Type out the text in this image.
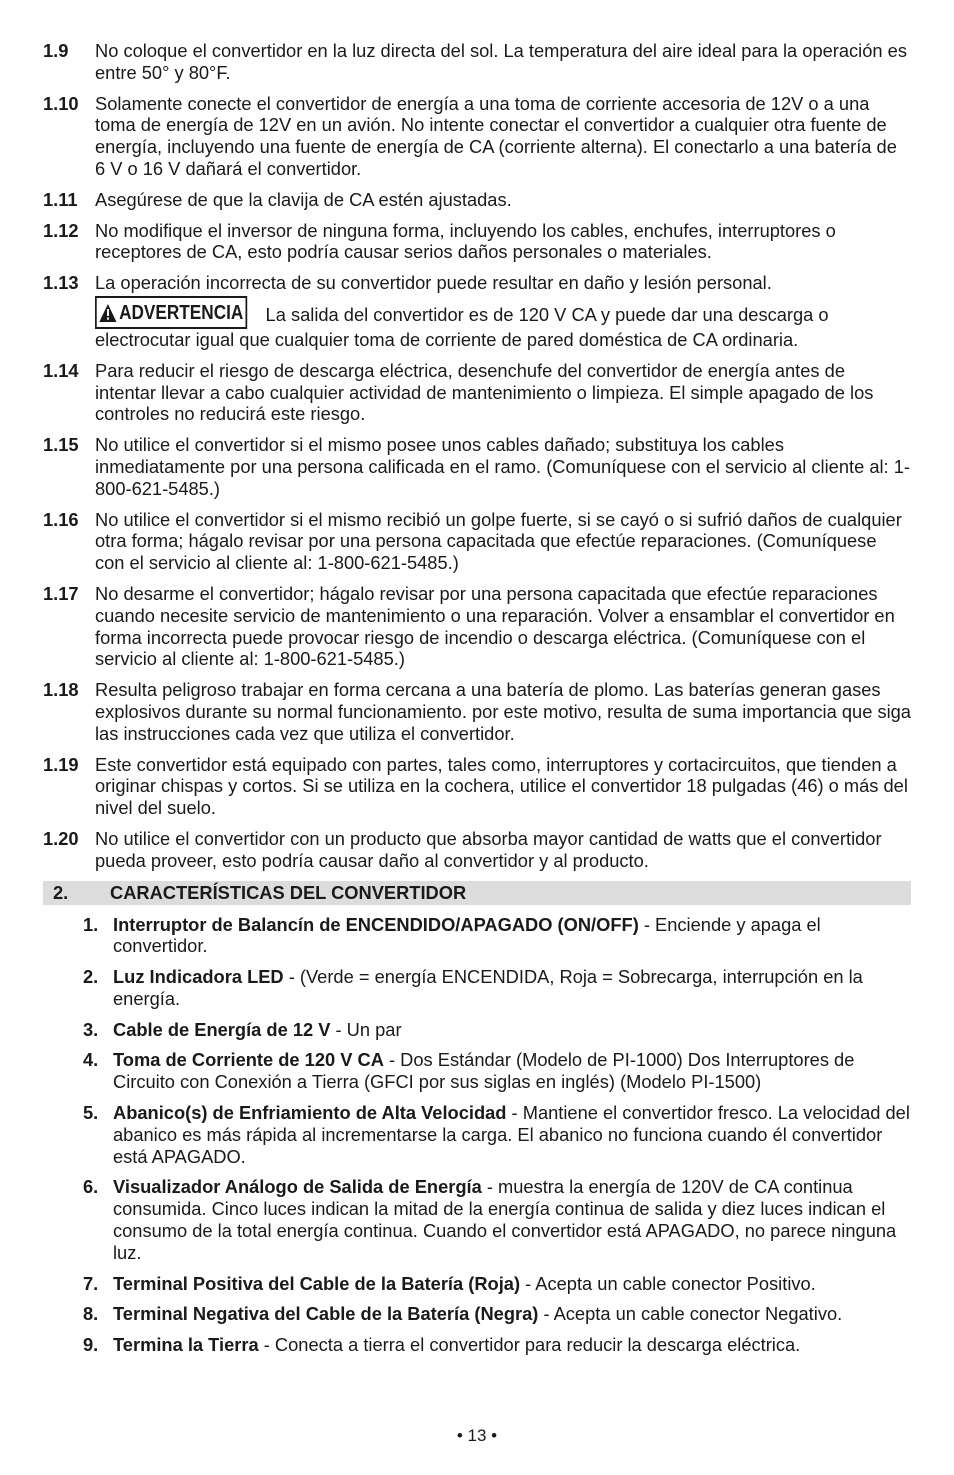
1.9	No coloque el convertidor en la luz directa del sol. La temperatura del aire ideal para la operación es entre 50° y 80°F.
1.10 Solamente conecte el convertidor de energía a una toma de corriente accesoria de 12V o a una toma de energía de 12V en un avión. No intente conectar el convertidor a cualquier otra fuente de energía, incluyendo una fuente de energía de CA (corriente alterna). El conectarlo a una batería de 6 V o 16 V dañará el convertidor.
1.11 Asegúrese de que la clavija de CA estén ajustadas.
1.12 No modifique el inversor de ninguna forma, incluyendo los cables, enchufes, interruptores o receptores de CA, esto podría causar serios daños personales o materiales.
1.13 La operación incorrecta de su convertidor puede resultar en daño y lesión personal.
ADVERTENCIA La salida del convertidor es de 120 V CA y puede dar una descarga o electrocutar igual que cualquier toma de corriente de pared doméstica de CA ordinaria.
1.14 Para reducir el riesgo de descarga eléctrica, desenchufe del convertidor de energía antes de intentar llevar a cabo cualquier actividad de mantenimiento o limpieza. El simple apagado de los controles no reducirá este riesgo.
1.15 No utilice el convertidor si el mismo posee unos cables dañado; substituya los cables inmediatamente por una persona calificada en el ramo. (Comuníquese con el servicio al cliente al: 1-800-621-5485.)
1.16 No utilice el convertidor si el mismo recibió un golpe fuerte, si se cayó o si sufrió daños de cualquier otra forma; hágalo revisar por una persona capacitada que efectúe reparaciones. (Comuníquese con el servicio al cliente al: 1-800-621-5485.)
1.17 No desarme el convertidor; hágalo revisar por una persona capacitada que efectúe reparaciones cuando necesite servicio de mantenimiento o una reparación. Volver a ensamblar el convertidor en forma incorrecta puede provocar riesgo de incendio o descarga eléctrica. (Comuníquese con el servicio al cliente al: 1-800-621-5485.)
1.18 Resulta peligroso trabajar en forma cercana a una batería de plomo. Las baterías generan gases explosivos durante su normal funcionamiento. por este motivo, resulta de suma importancia que siga las instrucciones cada vez que utiliza el convertidor.
1.19 Este convertidor está equipado con partes, tales como, interruptores y cortacircuitos, que tienden a originar chispas y cortos. Si se utiliza en la cochera, utilice el convertidor 18 pulgadas (46) o más del nivel del suelo.
1.20 No utilice el convertidor con un producto que absorba mayor cantidad de watts que el convertidor pueda proveer, esto podría causar daño al convertidor y al producto.
2.	CARACTERÍSTICAS DEL CONVERTIDOR
1. Interruptor de Balancín de ENCENDIDO/APAGADO (ON/OFF) - Enciende y apaga el convertidor.
2. Luz Indicadora LED - (Verde = energía ENCENDIDA, Roja = Sobrecarga, interrupción en la energía.
3. Cable de Energía de 12 V - Un par
4. Toma de Corriente de 120 V CA - Dos Estándar (Modelo de PI-1000) Dos Interruptores de Circuito con Conexión a Tierra (GFCI por sus siglas en inglés) (Modelo PI-1500)
5. Abanico(s) de Enfriamiento de Alta Velocidad - Mantiene el convertidor fresco. La velocidad del abanico es más rápida al incrementarse la carga. El abanico no funciona cuando él convertidor está APAGADO.
6. Visualizador Análogo de Salida de Energía - muestra la energía de 120V de CA continua consumida. Cinco luces indican la mitad de la energía continua de salida y diez luces indican el consumo de la total energía continua. Cuando el convertidor está APAGADO, no parece ninguna luz.
7. Terminal Positiva del Cable de la Batería (Roja) - Acepta un cable conector Positivo.
8. Terminal Negativa del Cable de la Batería (Negra) - Acepta un cable conector Negativo.
9. Termina la Tierra - Conecta a tierra el convertidor para reducir la descarga eléctrica.
• 13 •
